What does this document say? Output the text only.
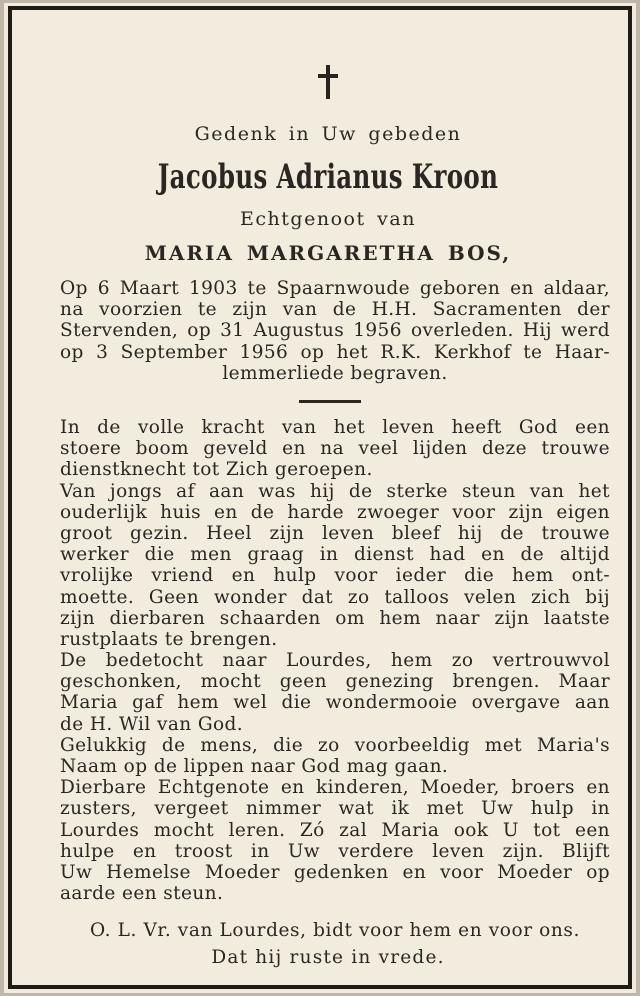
Gedenk in Uw gebeden
Jacobus Adrianus Kroon
Echtgenoot van
MARIA MARGARETHA BOS,
Op 6 Maart 1903 te Spaarnwoude geboren en aldaar,
na voorzien te zijn van de H.H. Sacramenten der
Stervenden, op 31 Augustus 1956 overleden. Hij werd
op 3 September 1956 op het R.K. Kerkhof te Haar-
lemmerliede begraven.
In de volle kracht van het leven heeft God een
stoere boom geveld en na veel lijden deze trouwe
dienstknecht tot Zich geroepen.
Van jongs af aan was hij de sterke steun van het
ouderlijk huis en de harde zwoeger voor zijn eigen
groot gezin. Heel zijn leven bleef hij de trouwe
werker die men graag in dienst had en de altijd
vrolijke vriend en hulp voor ieder die hem ont-
moette. Geen wonder dat zo talloos velen zich bij
zijn dierbaren schaarden om hem naar zijn laatste
rustplaats te brengen.
De bedetocht naar Lourdes, hem zo vertrouwvol
geschonken, mocht geen genezing brengen. Maar
Maria gaf hem wel die wondermooie overgave aan
de H. Wil van God.
Gelukkig de mens, die zo voorbeeldig met Maria's
Naam op de lippen naar God mag gaan.
Dierbare Echtgenote en kinderen, Moeder, broers en
zusters, vergeet nimmer wat ik met Uw hulp in
Lourdes mocht leren. Zó zal Maria ook U tot een
hulpe en troost in Uw verdere leven zijn. Blijft
Uw Hemelse Moeder gedenken en voor Moeder op
aarde een steun.
O. L. Vr. van Lourdes, bidt voor hem en voor ons.
Dat hij ruste in vrede.
